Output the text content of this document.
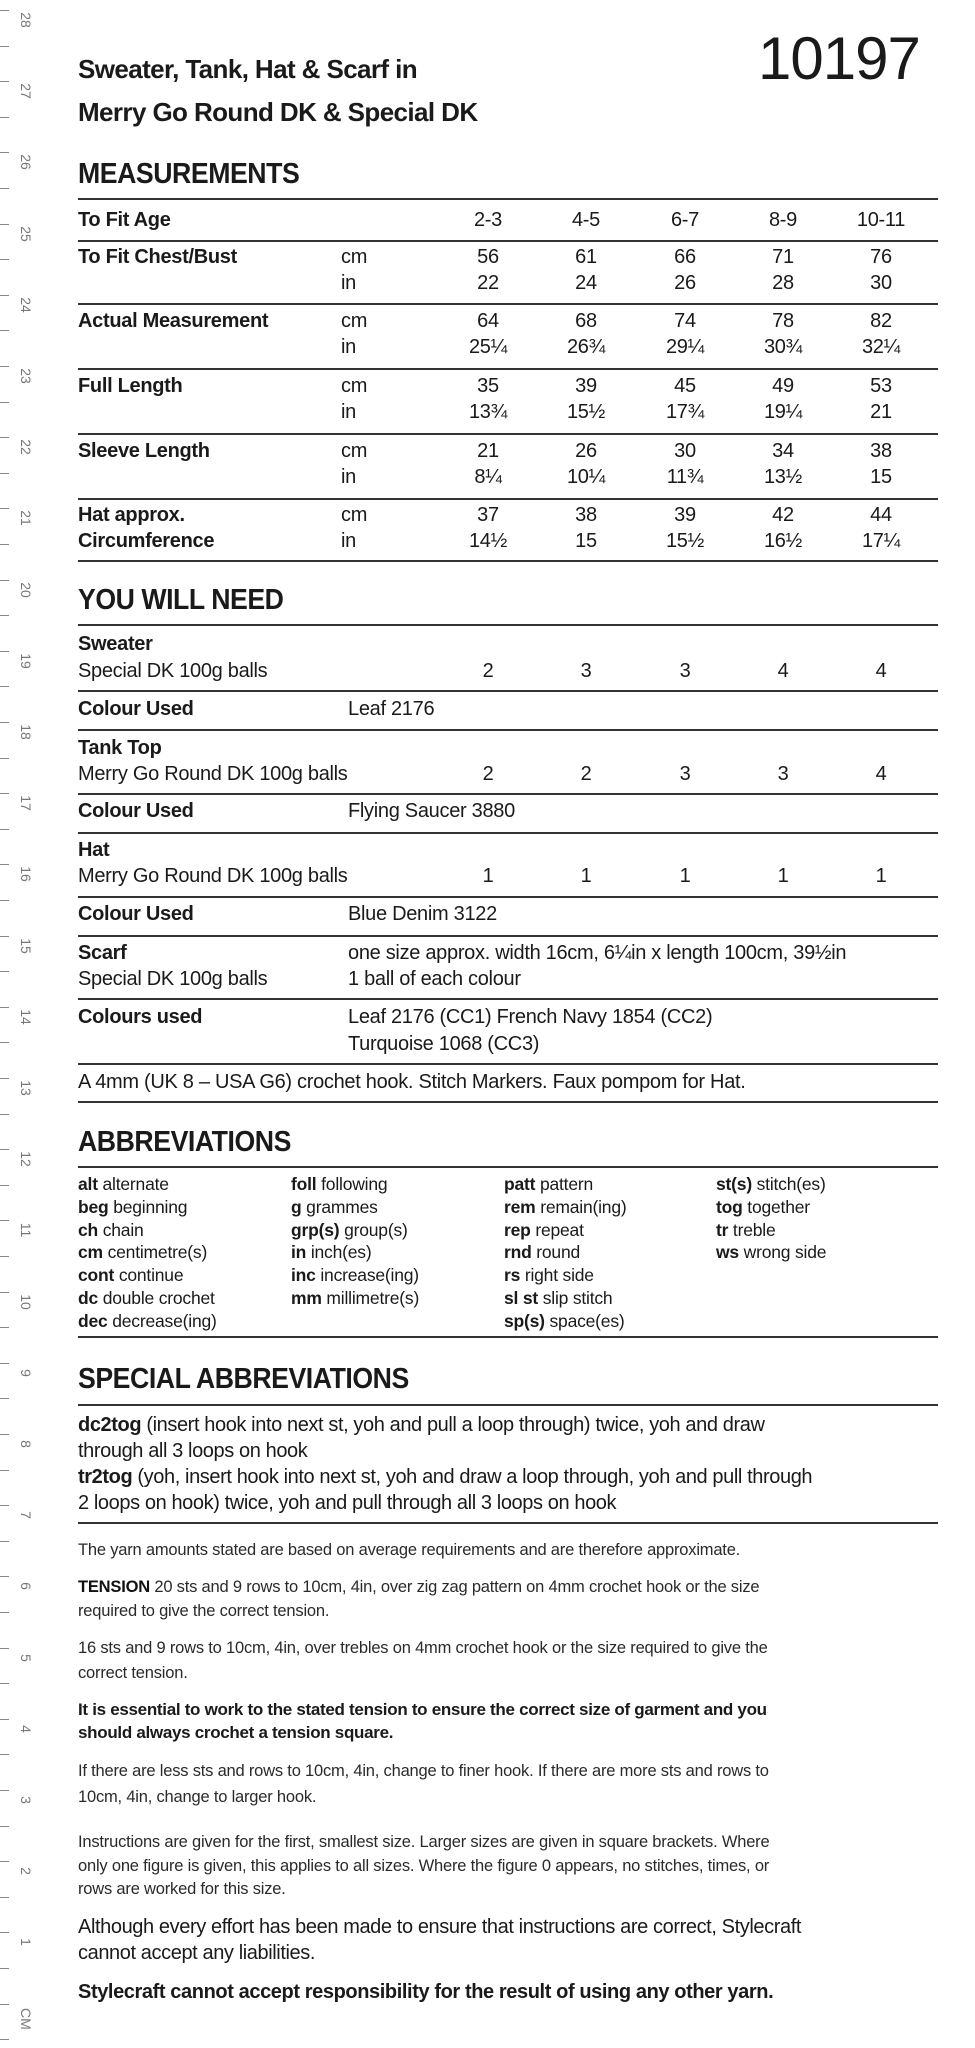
10197
Sweater, Tank, Hat & Scarf in
Merry Go Round DK & Special DK
MEASUREMENTS
To Fit Age	2-3	4-5	6-7	8-9	10-11
To Fit Chest/Bust	cm	56	61	66	71	76
in	22	24	26	28	30
Actual Measurement	cm	64	68	74	78	82
in	25¼	26¾	29¼	30¾	32¼
Full Length	cm	35	39	45	49	53
in	13¾	15½	17¾	19¼	21
Sleeve Length	cm	21	26	30	34	38
in	8¼	10¼	11¾	13½	15
Hat approx.	cm	37	38	39	42	44
Circumference	in	14½	15	15½	16½	17¼
YOU WILL NEED
Sweater
Special DK 100g balls	2	3	3	4	4
Colour Used	Leaf 2176
Tank Top
Merry Go Round DK 100g balls	2	2	3	3	4
Colour Used	Flying Saucer 3880
Hat
Merry Go Round DK 100g balls	1	1	1	1	1
Colour Used	Blue Denim 3122
Scarf	one size approx. width 16cm, 6¼in x length 100cm, 39½in
Special DK 100g balls	1 ball of each colour
Colours used	Leaf 2176 (CC1) French Navy 1854 (CC2)
Turquoise 1068 (CC3)
A 4mm (UK 8 – USA G6) crochet hook. Stitch Markers. Faux pompom for Hat.
ABBREVIATIONS
alt alternate
beg beginning
ch chain
cm centimetre(s)
cont continue
dc double crochet
dec decrease(ing)
foll following
g grammes
grp(s) group(s)
in inch(es)
inc increase(ing)
mm millimetre(s)
patt pattern
rem remain(ing)
rep repeat
rnd round
rs right side
sl st slip stitch
sp(s) space(es)
st(s) stitch(es)
tog together
tr treble
ws wrong side
SPECIAL ABBREVIATIONS
dc2tog (insert hook into next st, yoh and pull a loop through) twice, yoh and draw
through all 3 loops on hook
tr2tog (yoh, insert hook into next st, yoh and draw a loop through, yoh and pull through
2 loops on hook) twice, yoh and pull through all 3 loops on hook
The yarn amounts stated are based on average requirements and are therefore approximate.
TENSION 20 sts and 9 rows to 10cm, 4in, over zig zag pattern on 4mm crochet hook or the size
required to give the correct tension.
16 sts and 9 rows to 10cm, 4in, over trebles on 4mm crochet hook or the size required to give the
correct tension.
It is essential to work to the stated tension to ensure the correct size of garment and you
should always crochet a tension square.
If there are less sts and rows to 10cm, 4in, change to finer hook. If there are more sts and rows to
10cm, 4in, change to larger hook.
Instructions are given for the first, smallest size. Larger sizes are given in square brackets. Where
only one figure is given, this applies to all sizes. Where the figure 0 appears, no stitches, times, or
rows are worked for this size.
Although every effort has been made to ensure that instructions are correct, Stylecraft
cannot accept any liabilities.
Stylecraft cannot accept responsibility for the result of using any other yarn.
28
27
26
25
24
23
22
21
20
19
18
17
16
15
14
13
12
11
10
9
8
7
6
5
4
3
2
1
CM
